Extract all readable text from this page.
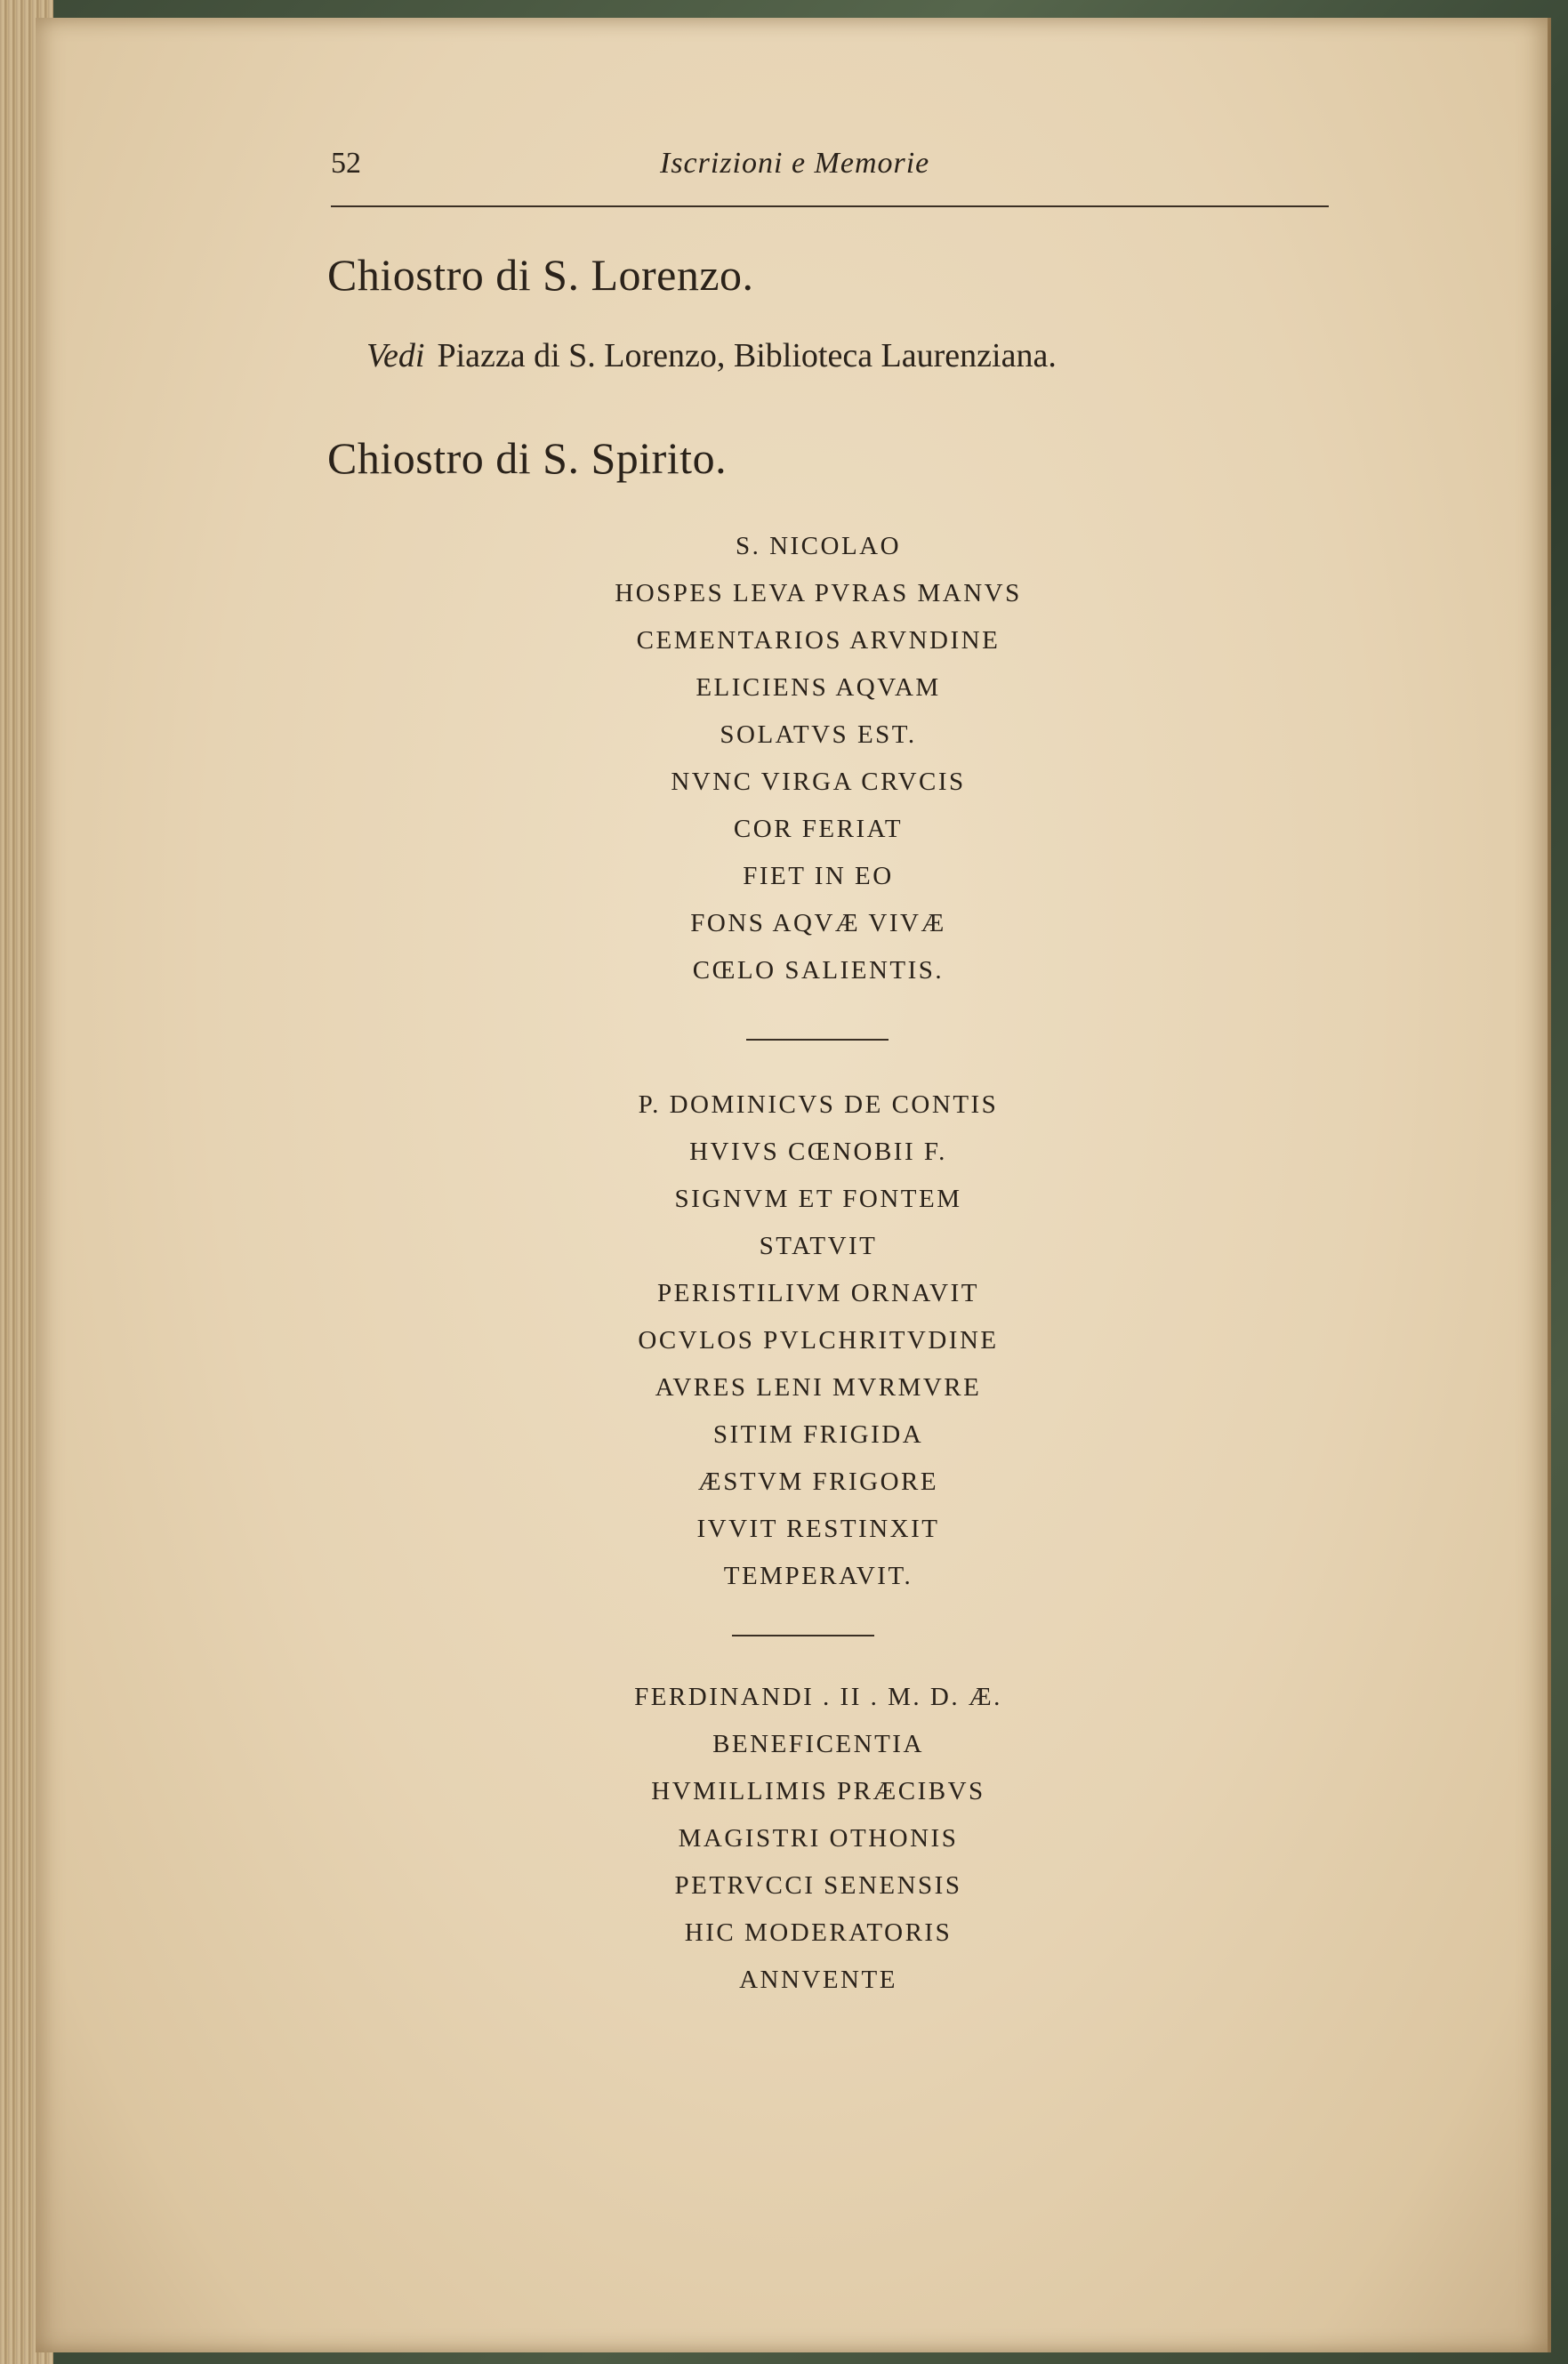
52	Iscrizioni e Memorie
Chiostro di S. Lorenzo.
Vedi Piazza di S. Lorenzo, Biblioteca Laurenziana.
Chiostro di S. Spirito.
S. NICOLAO
HOSPES LEVA PVRAS MANVS
CEMENTARIOS ARVNDINE
ELICIENS AQVAM
SOLATVS EST.
NVNC VIRGA CRVCIS
COR FERIAT
FIET IN EO
FONS AQVÆ VIVÆ
CŒLO SALIENTIS.
P. DOMINICVS DE CONTIS
HVIVS CŒNOBII F.
SIGNVM ET FONTEM
STATVIT
PERISTILIVM ORNAVIT
OCVLOS PVLCHRITVDINE
AVRES LENI MVRMVRE
SITIM FRIGIDA
ÆSTVM FRIGORE
IVVIT RESTINXIT
TEMPERAVIT.
FERDINANDI . II . M. D. Æ.
BENEFICENTIA
HVMILLIMIS PRÆCIBVS
MAGISTRI OTHONIS
PETRVCCI SENENSIS
HIC MODERATORIS
ANNVENTE
